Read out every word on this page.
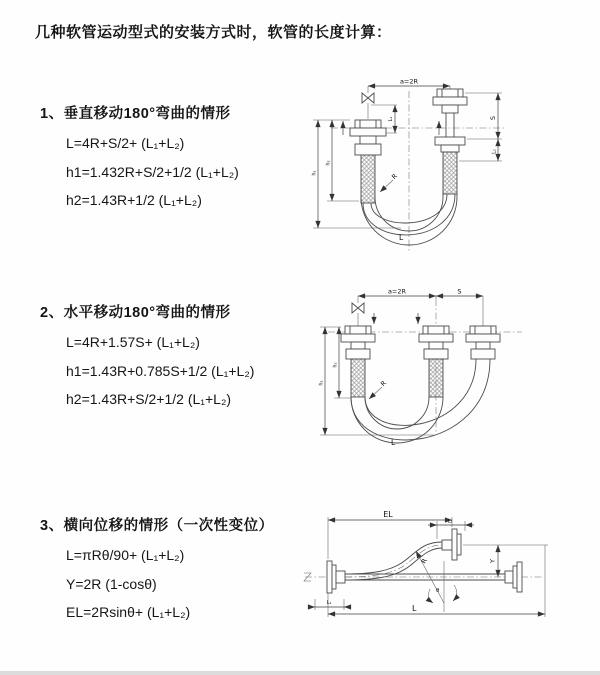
几种软管运动型式的安装方式时，软管的长度计算：
1、垂直移动180°弯曲的情形
L=4R+S/2+ (L₁+L₂)
h1=1.432R+S/2+1/2 (L₁+L₂)
h2=1.43R+1/2 (L₁+L₂)
2、水平移动180°弯曲的情形
L=4R+1.57S+ (L₁+L₂)
h1=1.43R+0.785S+1/2 (L₁+L₂)
h2=1.43R+S/2+1/2 (L₁+L₂)
3、横向位移的情形（一次性变位）
L=πRθ/90+ (L₁+L₂)
Y=2R (1-cosθ)
EL=2Rsinθ+ (L₁+L₂)
a=2R
R
h₁
h₂
S
L₂
L₁
L
a=2R	S
R
h₁
h₂
L
EL
L₂
Y
θ
R
L₁
L
